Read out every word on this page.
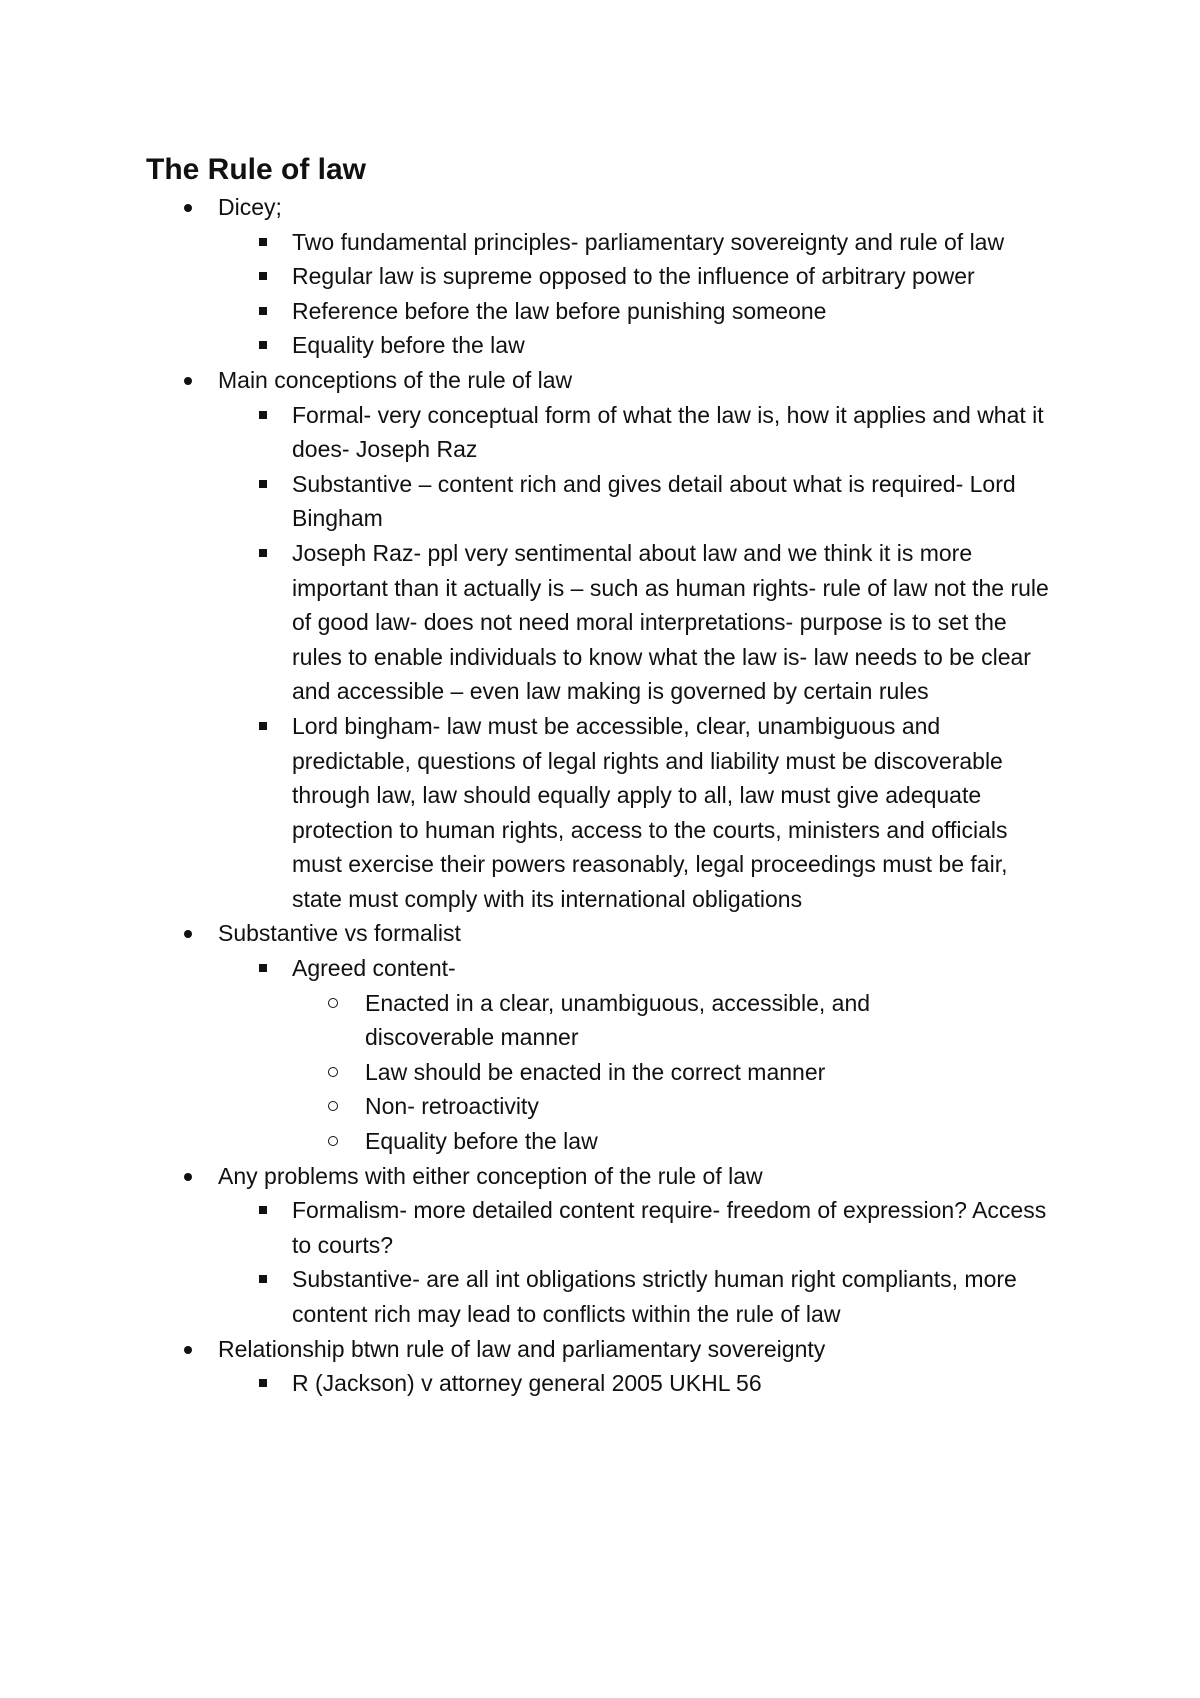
The Rule of law
Dicey;
Two fundamental principles- parliamentary sovereignty and rule of law
Regular law is supreme opposed to the influence of arbitrary power
Reference before the law before punishing someone
Equality before the law
Main conceptions of the rule of law
Formal- very conceptual form of what the law is, how it applies and what it does- Joseph Raz
Substantive – content rich and gives detail about what is required- Lord Bingham
Joseph Raz- ppl very sentimental about law and we think it is more important than it actually is – such as human rights- rule of law not the rule of good law- does not need moral interpretations- purpose is to set the rules to enable individuals to know what the law is- law needs to be clear and accessible – even law making is governed by certain rules
Lord bingham- law must be accessible, clear, unambiguous and predictable, questions of legal rights and liability must be discoverable through law, law should equally apply to all, law must give adequate protection to human rights, access to the courts, ministers and officials must exercise their powers reasonably, legal proceedings must be fair, state must comply with its international obligations
Substantive vs formalist
Agreed content-
Enacted in a clear, unambiguous, accessible, and discoverable manner
Law should be enacted in the correct manner
Non- retroactivity
Equality before the law
Any problems with either conception of the rule of law
Formalism- more detailed content require- freedom of expression? Access to courts?
Substantive- are all int obligations strictly human right compliants, more content rich may lead to conflicts within the rule of law
Relationship btwn rule of law and parliamentary sovereignty
R (Jackson) v attorney general 2005 UKHL 56
